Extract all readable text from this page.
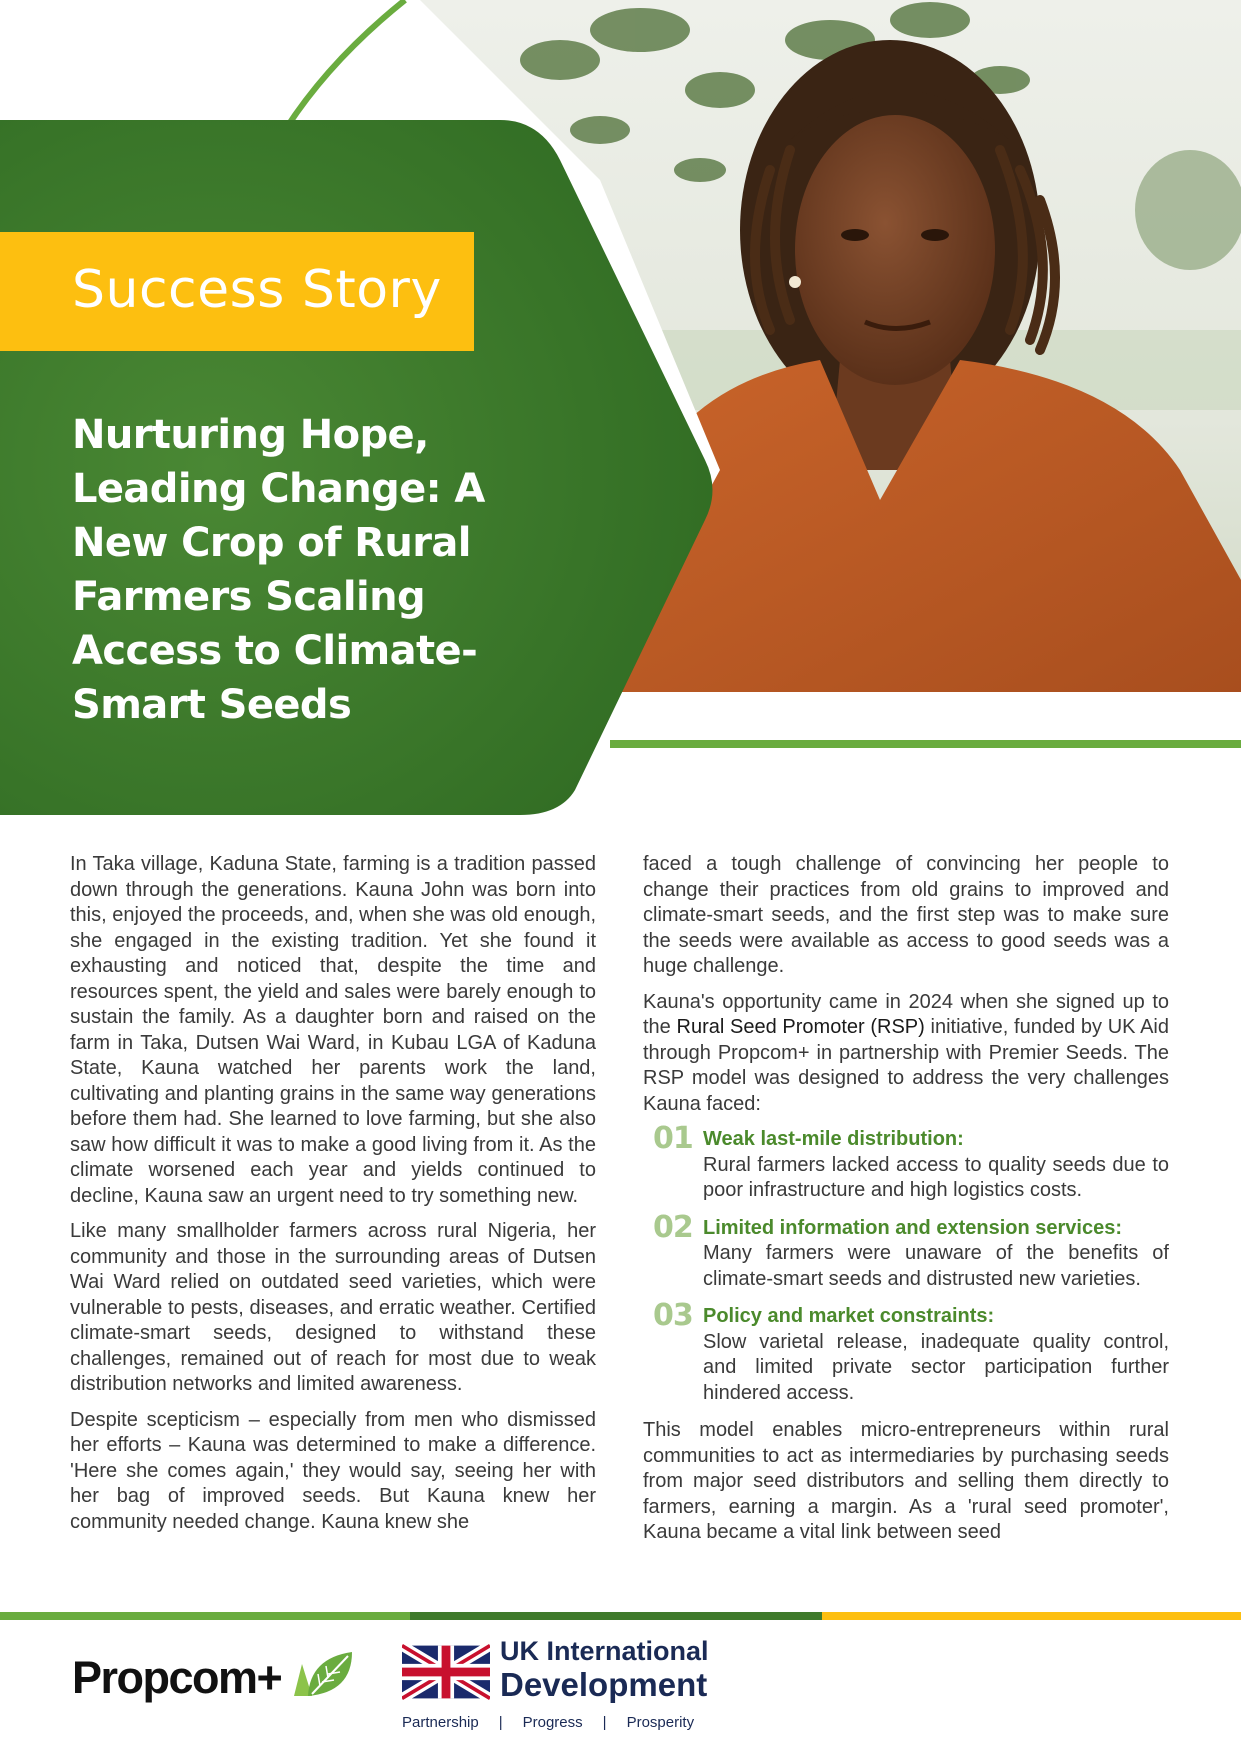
Success Story
Nurturing Hope, Leading Change: A New Crop of Rural Farmers Scaling Access to Climate-Smart Seeds

In Taka village, Kaduna State, farming is a tradition passed down through the generations. Kauna John was born into this, enjoyed the proceeds, and, when she was old enough, she engaged in the existing tradition. Yet she found it exhausting and noticed that, despite the time and resources spent, the yield and sales were barely enough to sustain the family. As a daughter born and raised on the farm in Taka, Dutsen Wai Ward, in Kubau LGA of Kaduna State, Kauna watched her parents work the land, cultivating and planting grains in the same way generations before them had. She learned to love farming, but she also saw how difficult it was to make a good living from it. As the climate worsened each year and yields continued to decline, Kauna saw an urgent need to try something new.

Like many smallholder farmers across rural Nigeria, her community and those in the surrounding areas of Dutsen Wai Ward relied on outdated seed varieties, which were vulnerable to pests, diseases, and erratic weather. Certified climate-smart seeds, designed to withstand these challenges, remained out of reach for most due to weak distribution networks and limited awareness.

Despite scepticism – especially from men who dismissed her efforts – Kauna was determined to make a difference. 'Here she comes again,' they would say, seeing her with her bag of improved seeds. But Kauna knew her community needed change. Kauna knew she

faced a tough challenge of convincing her people to change their practices from old grains to improved and climate-smart seeds, and the first step was to make sure the seeds were available as access to good seeds was a huge challenge.

Kauna's opportunity came in 2024 when she signed up to the Rural Seed Promoter (RSP) initiative, funded by UK Aid through Propcom+ in partnership with Premier Seeds. The RSP model was designed to address the very challenges Kauna faced:

01 Weak last-mile distribution:
Rural farmers lacked access to quality seeds due to poor infrastructure and high logistics costs.
02 Limited information and extension services:
Many farmers were unaware of the benefits of climate-smart seeds and distrusted new varieties.
03 Policy and market constraints:
Slow varietal release, inadequate quality control, and limited private sector participation further hindered access.

This model enables micro-entrepreneurs within rural communities to act as intermediaries by purchasing seeds from major seed distributors and selling them directly to farmers, earning a margin. As a 'rural seed promoter', Kauna became a vital link between seed

Propcom+
UK International
Development
Partnership | Progress | Prosperity
